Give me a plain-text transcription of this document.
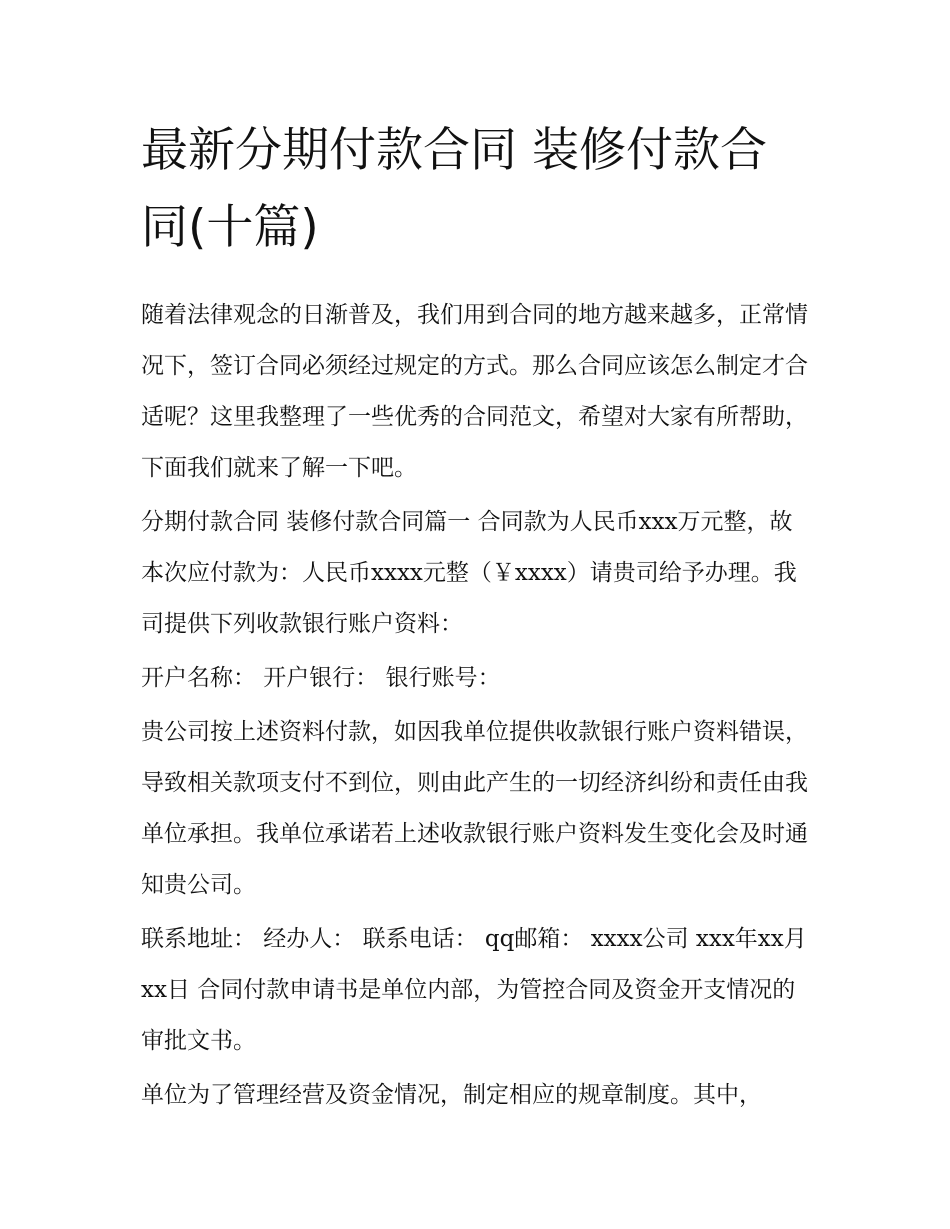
最新分期付款合同 装修付款合同(十篇)

随着法律观念的日渐普及，我们用到合同的地方越来越多，正常情况下，签订合同必须经过规定的方式。那么合同应该怎么制定才合适呢？这里我整理了一些优秀的合同范文，希望对大家有所帮助，下面我们就来了解一下吧。

分期付款合同 装修付款合同篇一 合同款为人民币xxx万元整，故本次应付款为：人民币xxxx元整（￥xxxx）请贵司给予办理。我司提供下列收款银行账户资料：

开户名称： 开户银行： 银行账号：

贵公司按上述资料付款，如因我单位提供收款银行账户资料错误，导致相关款项支付不到位，则由此产生的一切经济纠纷和责任由我单位承担。我单位承诺若上述收款银行账户资料发生变化会及时通知贵公司。

联系地址： 经办人： 联系电话： qq邮箱： xxxx公司 xxx年xx月xx日 合同付款申请书是单位内部，为管控合同及资金开支情况的审批文书。

单位为了管理经营及资金情况，制定相应的规章制度。其中，
